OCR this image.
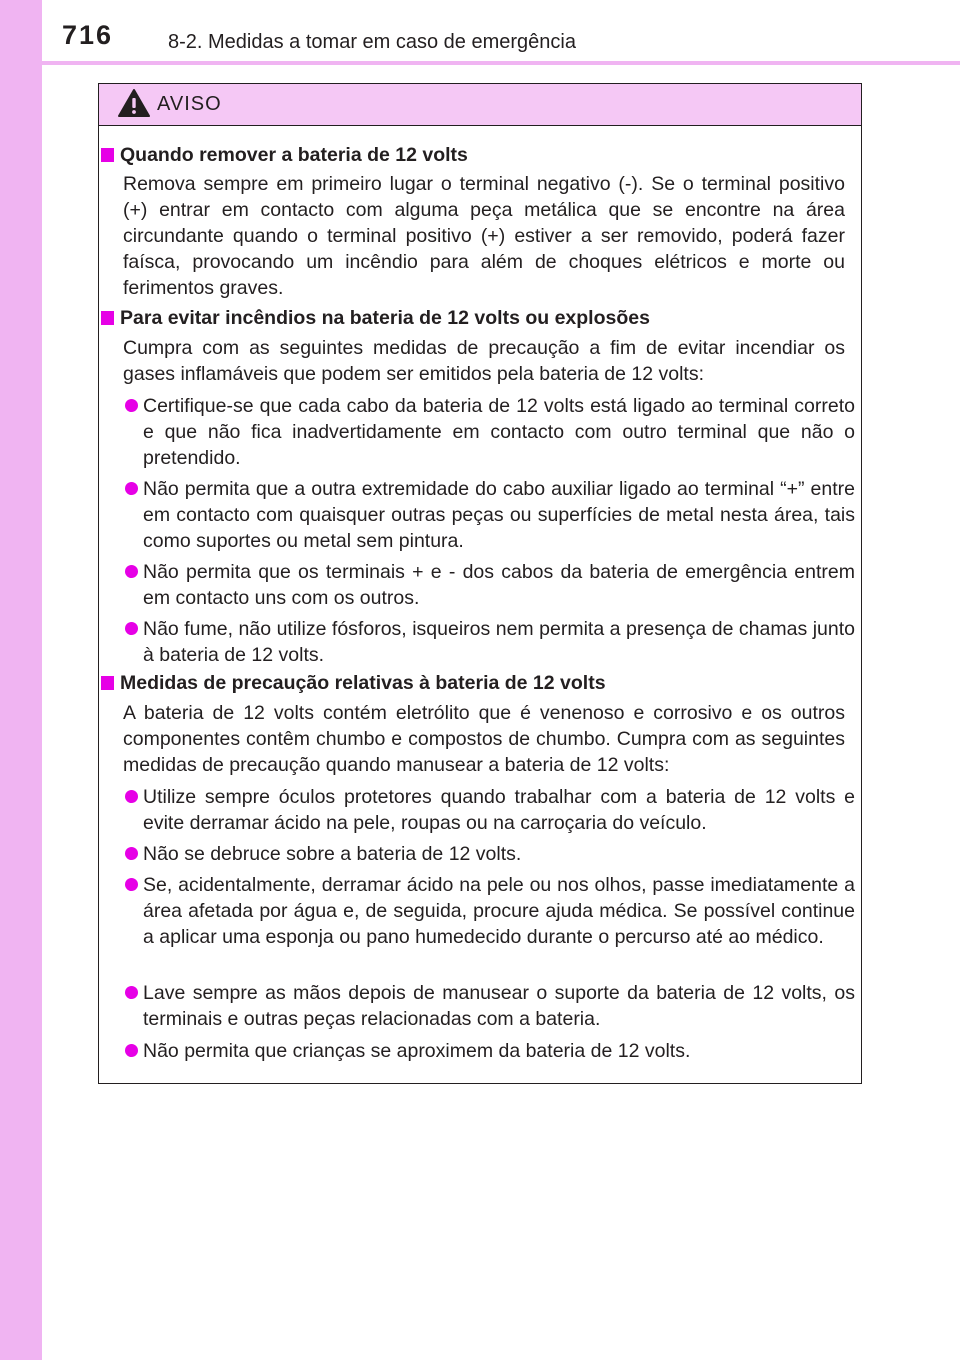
716	8-2. Medidas a tomar em caso de emergência
AVISO
Quando remover a bateria de 12 volts
Remova sempre em primeiro lugar o terminal negativo (-). Se o terminal positivo (+) entrar em contacto com alguma peça metálica que se encontre na área circundante quando o terminal positivo (+) estiver a ser removido, poderá fazer faísca, provocando um incêndio para além de choques elétricos e morte ou ferimentos graves.
Para evitar incêndios na bateria de 12 volts ou explosões
Cumpra com as seguintes medidas de precaução a fim de evitar incendiar os gases inflamáveis que podem ser emitidos pela bateria de 12 volts:
Certifique-se que cada cabo da bateria de 12 volts está ligado ao terminal correto e que não fica inadvertidamente em contacto com outro terminal que não o pretendido.
Não permita que a outra extremidade do cabo auxiliar ligado ao terminal “+” entre em contacto com quaisquer outras peças ou superfícies de metal nesta área, tais como suportes ou metal sem pintura.
Não permita que os terminais + e - dos cabos da bateria de emergência entrem em contacto uns com os outros.
Não fume, não utilize fósforos, isqueiros nem permita a presença de chamas junto à bateria de 12 volts.
Medidas de precaução relativas à bateria de 12 volts
A bateria de 12 volts contém eletrólito que é venenoso e corrosivo e os outros componentes contêm chumbo e compostos de chumbo. Cumpra com as seguintes medidas de precaução quando manusear a bateria de 12 volts:
Utilize sempre óculos protetores quando trabalhar com a bateria de 12 volts e evite derramar ácido na pele, roupas ou na carroçaria do veículo.
Não se debruce sobre a bateria de 12 volts.
Se, acidentalmente, derramar ácido na pele ou nos olhos, passe imediatamente a área afetada por água e, de seguida, procure ajuda médica. Se possível continue a aplicar uma esponja ou pano humedecido durante o percurso até ao médico.
Lave sempre as mãos depois de manusear o suporte da bateria de 12 volts, os terminais e outras peças relacionadas com a bateria.
Não permita que crianças se aproximem da bateria de 12 volts.
